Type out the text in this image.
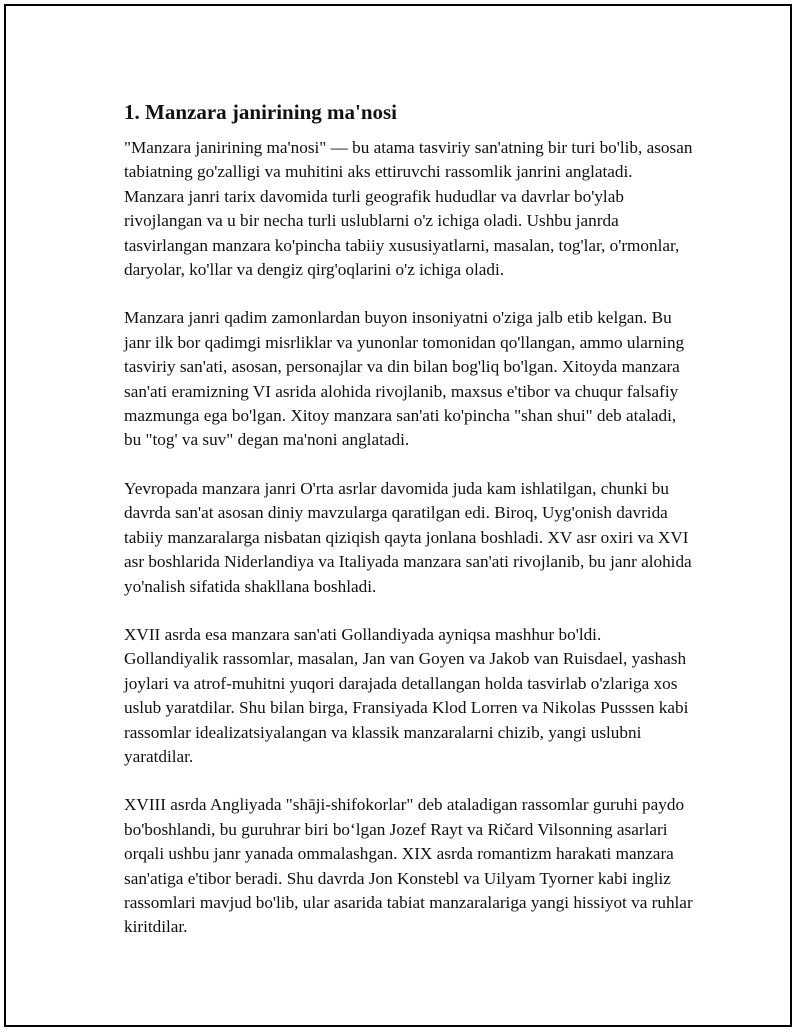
1. Manzara janirining ma'nosi

"Manzara janirining ma'nosi" — bu atama tasviriy san'atning bir turi bo'lib, asosan tabiatning go'zalligi va muhitini aks ettiruvchi rassomlik janrini anglatadi. Manzara janri tarix davomida turli geografik hududlar va davrlar bo'ylab rivojlangan va u bir necha turli uslublarni o'z ichiga oladi. Ushbu janrda tasvirlangan manzara ko'pincha tabiiy xususiyatlarni, masalan, tog'lar, o'rmonlar, daryolar, ko'llar va dengiz qirg'oqlarini o'z ichiga oladi.

Manzara janri qadim zamonlardan buyon insoniyatni o'ziga jalb etib kelgan. Bu janr ilk bor qadimgi misrliklar va yunonlar tomonidan qo'llangan, ammo ularning tasviriy san'ati, asosan, personajlar va din bilan bog'liq bo'lgan. Xitoyda manzara san'ati eramizning VI asrida alohida rivojlanib, maxsus e'tibor va chuqur falsafiy mazmunga ega bo'lgan. Xitoy manzara san'ati ko'pincha "shan shui" deb ataladi, bu "tog' va suv" degan ma'noni anglatadi.

Yevropada manzara janri O'rta asrlar davomida juda kam ishlatilgan, chunki bu davrda san'at asosan diniy mavzularga qaratilgan edi. Biroq, Uyg'onish davrida tabiiy manzaralarga nisbatan qiziqish qayta jonlana boshladi. XV asr oxiri va XVI asr boshlarida Niderlandiya va Italiyada manzara san'ati rivojlanib, bu janr alohida yo'nalish sifatida shakllana boshladi.

XVII asrda esa manzara san'ati Gollandiyada ayniqsa mashhur bo'ldi. Gollandiyalik rassomlar, masalan, Jan van Goyen va Jakob van Ruisdael, yashash joylari va atrof-muhitni yuqori darajada detallangan holda tasvirlab o'zlariga xos uslub yaratdilar. Shu bilan birga, Fransiyada Klod Lorren va Nikolas Pusssen kabi rassomlar idealizatsiyalangan va klassik manzaralarni chizib, yangi uslubni yaratdilar.

XVIII asrda Angliyada "shāji-shifokorlar" deb ataladigan rassomlar guruhi paydo bo'boshlandi, bu guruhrar biri bo‘lgan Jozef Rayt va Ričard Vilsonning asarlari orqali ushbu janr yanada ommalashgan. XIX asrda romantizm harakati manzara san'atiga e'tibor beradi. Shu davrda Jon Konstebl va Uilyam Tyorner kabi ingliz rassomlari mavjud bo'lib, ular asarida tabiat manzaralariga yangi hissiyot va ruhlar kiritdilar.
